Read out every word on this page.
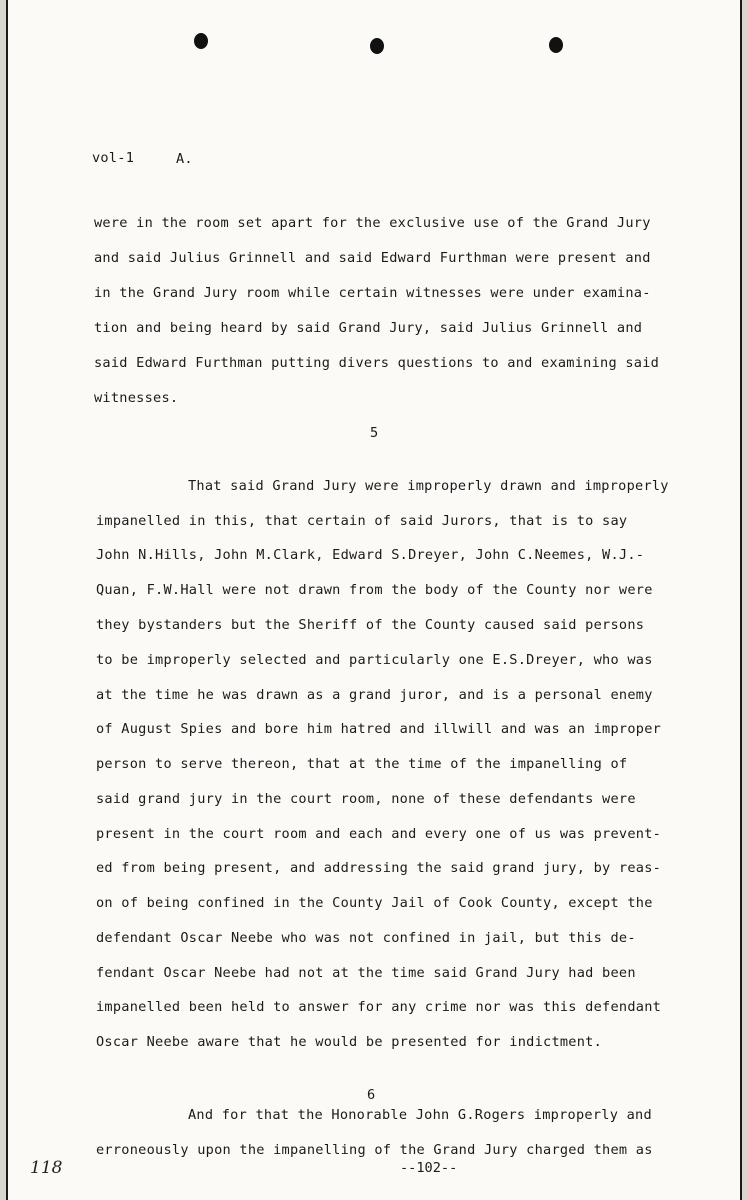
vol-1	A.
were in the room set apart for the exclusive use of the Grand Jury
and said Julius Grinnell and said Edward Furthman were present and
in the Grand Jury room while certain witnesses were under examina-
tion and being heard by said Grand Jury, said Julius Grinnell and
said Edward Furthman putting divers questions to and examining said
witnesses.
5
That said Grand Jury were improperly drawn and improperly
impanelled in this, that certain of said Jurors, that is to say
John N.Hills, John M.Clark, Edward S.Dreyer, John C.Neemes, W.J.-
Quan, F.W.Hall were not drawn from the body of the County nor were
they bystanders but the Sheriff of the County caused said persons
to be improperly selected and particularly one E.S.Dreyer, who was
at the time he was drawn as a grand juror, and is a personal enemy
of August Spies and bore him hatred and illwill and was an improper
person to serve thereon, that at the time of the impanelling of
said grand jury in the court room, none of these defendants were
present in the court room and each and every one of us was prevent-
ed from being present, and addressing the said grand jury, by reas-
on of being confined in the County Jail of Cook County, except the
defendant Oscar Neebe who was not confined in jail, but this de-
fendant Oscar Neebe had not at the time said Grand Jury had been
impanelled been held to answer for any crime nor was this defendant
Oscar Neebe aware that he would be presented for indictment.
6
And for that the Honorable John G.Rogers improperly and
erroneously upon the impanelling of the Grand Jury charged them as
--102--
118
